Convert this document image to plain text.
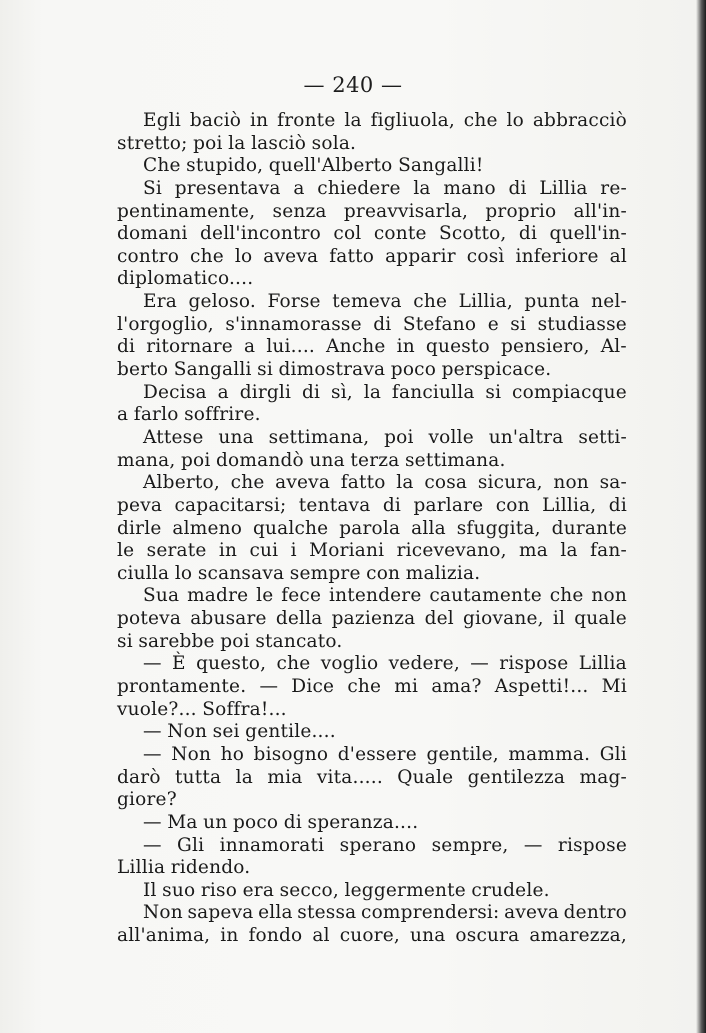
— 240 —
Egli baciò in fronte la figliuola, che lo abbracciò
stretto; poi la lasciò sola.
Che stupido, quell'Alberto Sangalli!
Si presentava a chiedere la mano di Lillia re-
pentinamente, senza preavvisarla, proprio all'in-
domani dell'incontro col conte Scotto, di quell'in-
contro che lo aveva fatto apparir così inferiore al
diplomatico....
Era geloso. Forse temeva che Lillia, punta nel-
l'orgoglio, s'innamorasse di Stefano e si studiasse
di ritornare a lui.... Anche in questo pensiero, Al-
berto Sangalli si dimostrava poco perspicace.
Decisa a dirgli di sì, la fanciulla si compiacque
a farlo soffrire.
Attese una settimana, poi volle un'altra setti-
mana, poi domandò una terza settimana.
Alberto, che aveva fatto la cosa sicura, non sa-
peva capacitarsi; tentava di parlare con Lillia, di
dirle almeno qualche parola alla sfuggita, durante
le serate in cui i Moriani ricevevano, ma la fan-
ciulla lo scansava sempre con malizia.
Sua madre le fece intendere cautamente che non
poteva abusare della pazienza del giovane, il quale
si sarebbe poi stancato.
— È questo, che voglio vedere, — rispose Lillia
prontamente. — Dice che mi ama? Aspetti!... Mi
vuole?... Soffra!...
— Non sei gentile....
— Non ho bisogno d'essere gentile, mamma. Gli
darò tutta la mia vita..... Quale gentilezza mag-
giore?
— Ma un poco di speranza....
— Gli innamorati sperano sempre, — rispose
Lillia ridendo.
Il suo riso era secco, leggermente crudele.
Non sapeva ella stessa comprendersi: aveva dentro
all'anima, in fondo al cuore, una oscura amarezza,
